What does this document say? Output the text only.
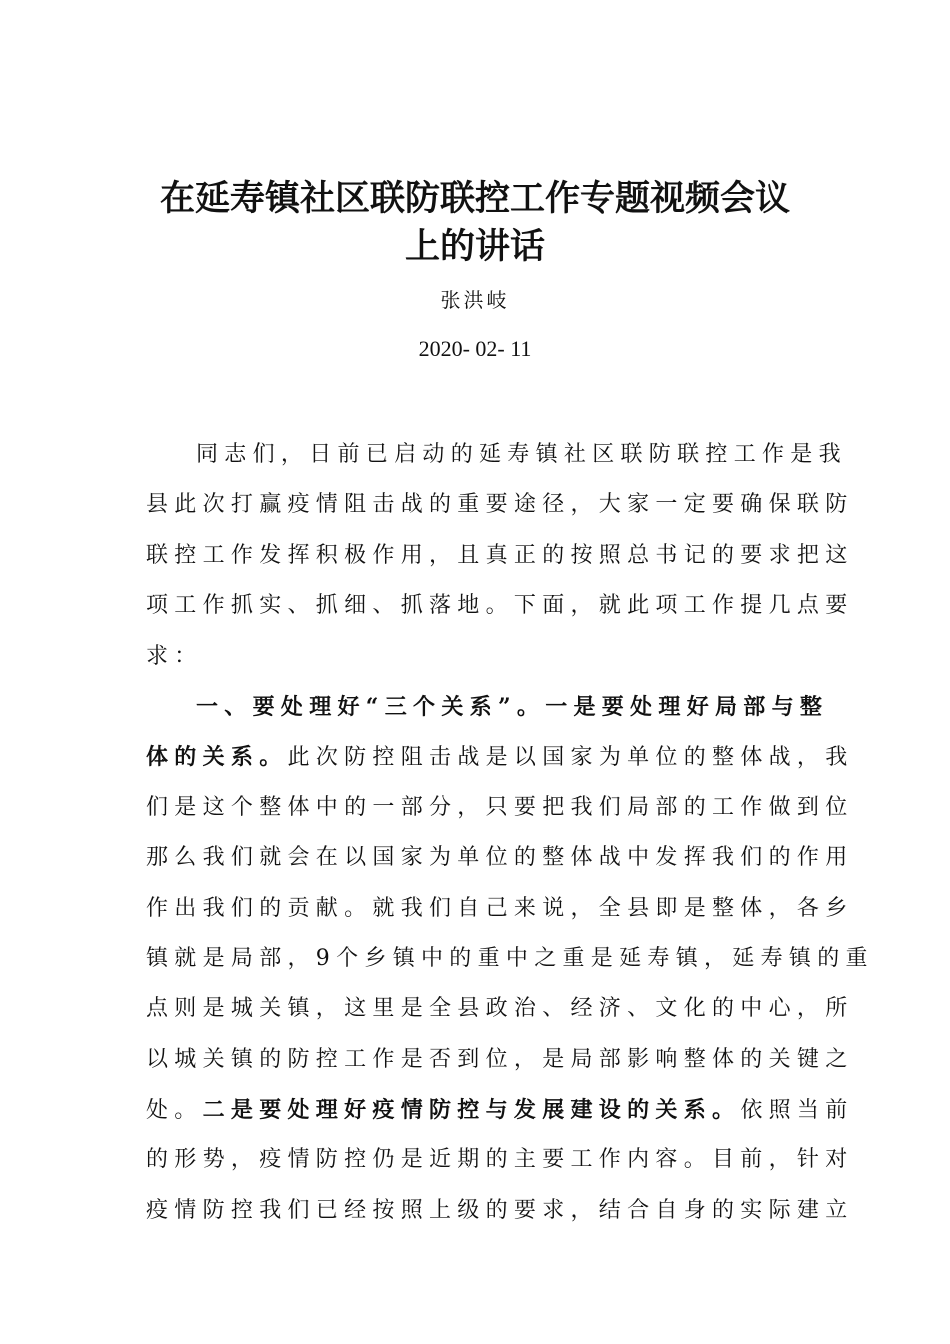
在延寿镇社区联防联控工作专题视频会议
上的讲话
张洪岐
2020- 02- 11
同志们，日前已启动的延寿镇社区联防联控工作是我
县此次打赢疫情阻击战的重要途径，大家一定要确保联防
联控工作发挥积极作用，且真正的按照总书记的要求把这
项工作抓实、抓细、抓落地。下面，就此项工作提几点要
求：
一、要处理好“三个关系”。一是要处理好局部与整
体的关系。此次防控阻击战是以国家为单位的整体战，我
们是这个整体中的一部分，只要把我们局部的工作做到位
那么我们就会在以国家为单位的整体战中发挥我们的作用
作出我们的贡献。就我们自己来说，全县即是整体，各乡
镇就是局部，9个乡镇中的重中之重是延寿镇，延寿镇的重
点则是城关镇，这里是全县政治、经济、文化的中心，所
以城关镇的防控工作是否到位，是局部影响整体的关键之
处。二是要处理好疫情防控与发展建设的关系。依照当前
的形势，疫情防控仍是近期的主要工作内容。目前，针对
疫情防控我们已经按照上级的要求，结合自身的实际建立
